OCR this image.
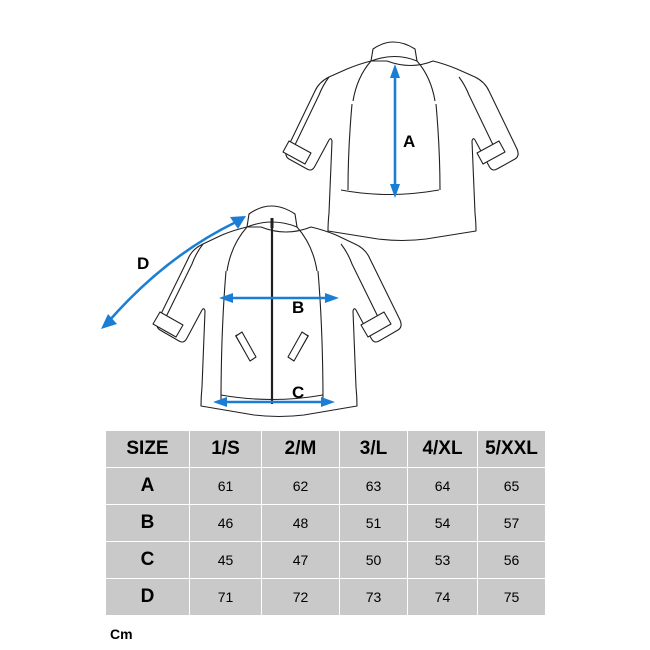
A
B
C
D
SIZE	1/S	2/M	3/L	4/XL	5/XXL
A	61	62	63	64	65
B	46	48	51	54	57
C	45	47	50	53	56
D	71	72	73	74	75
Cm
